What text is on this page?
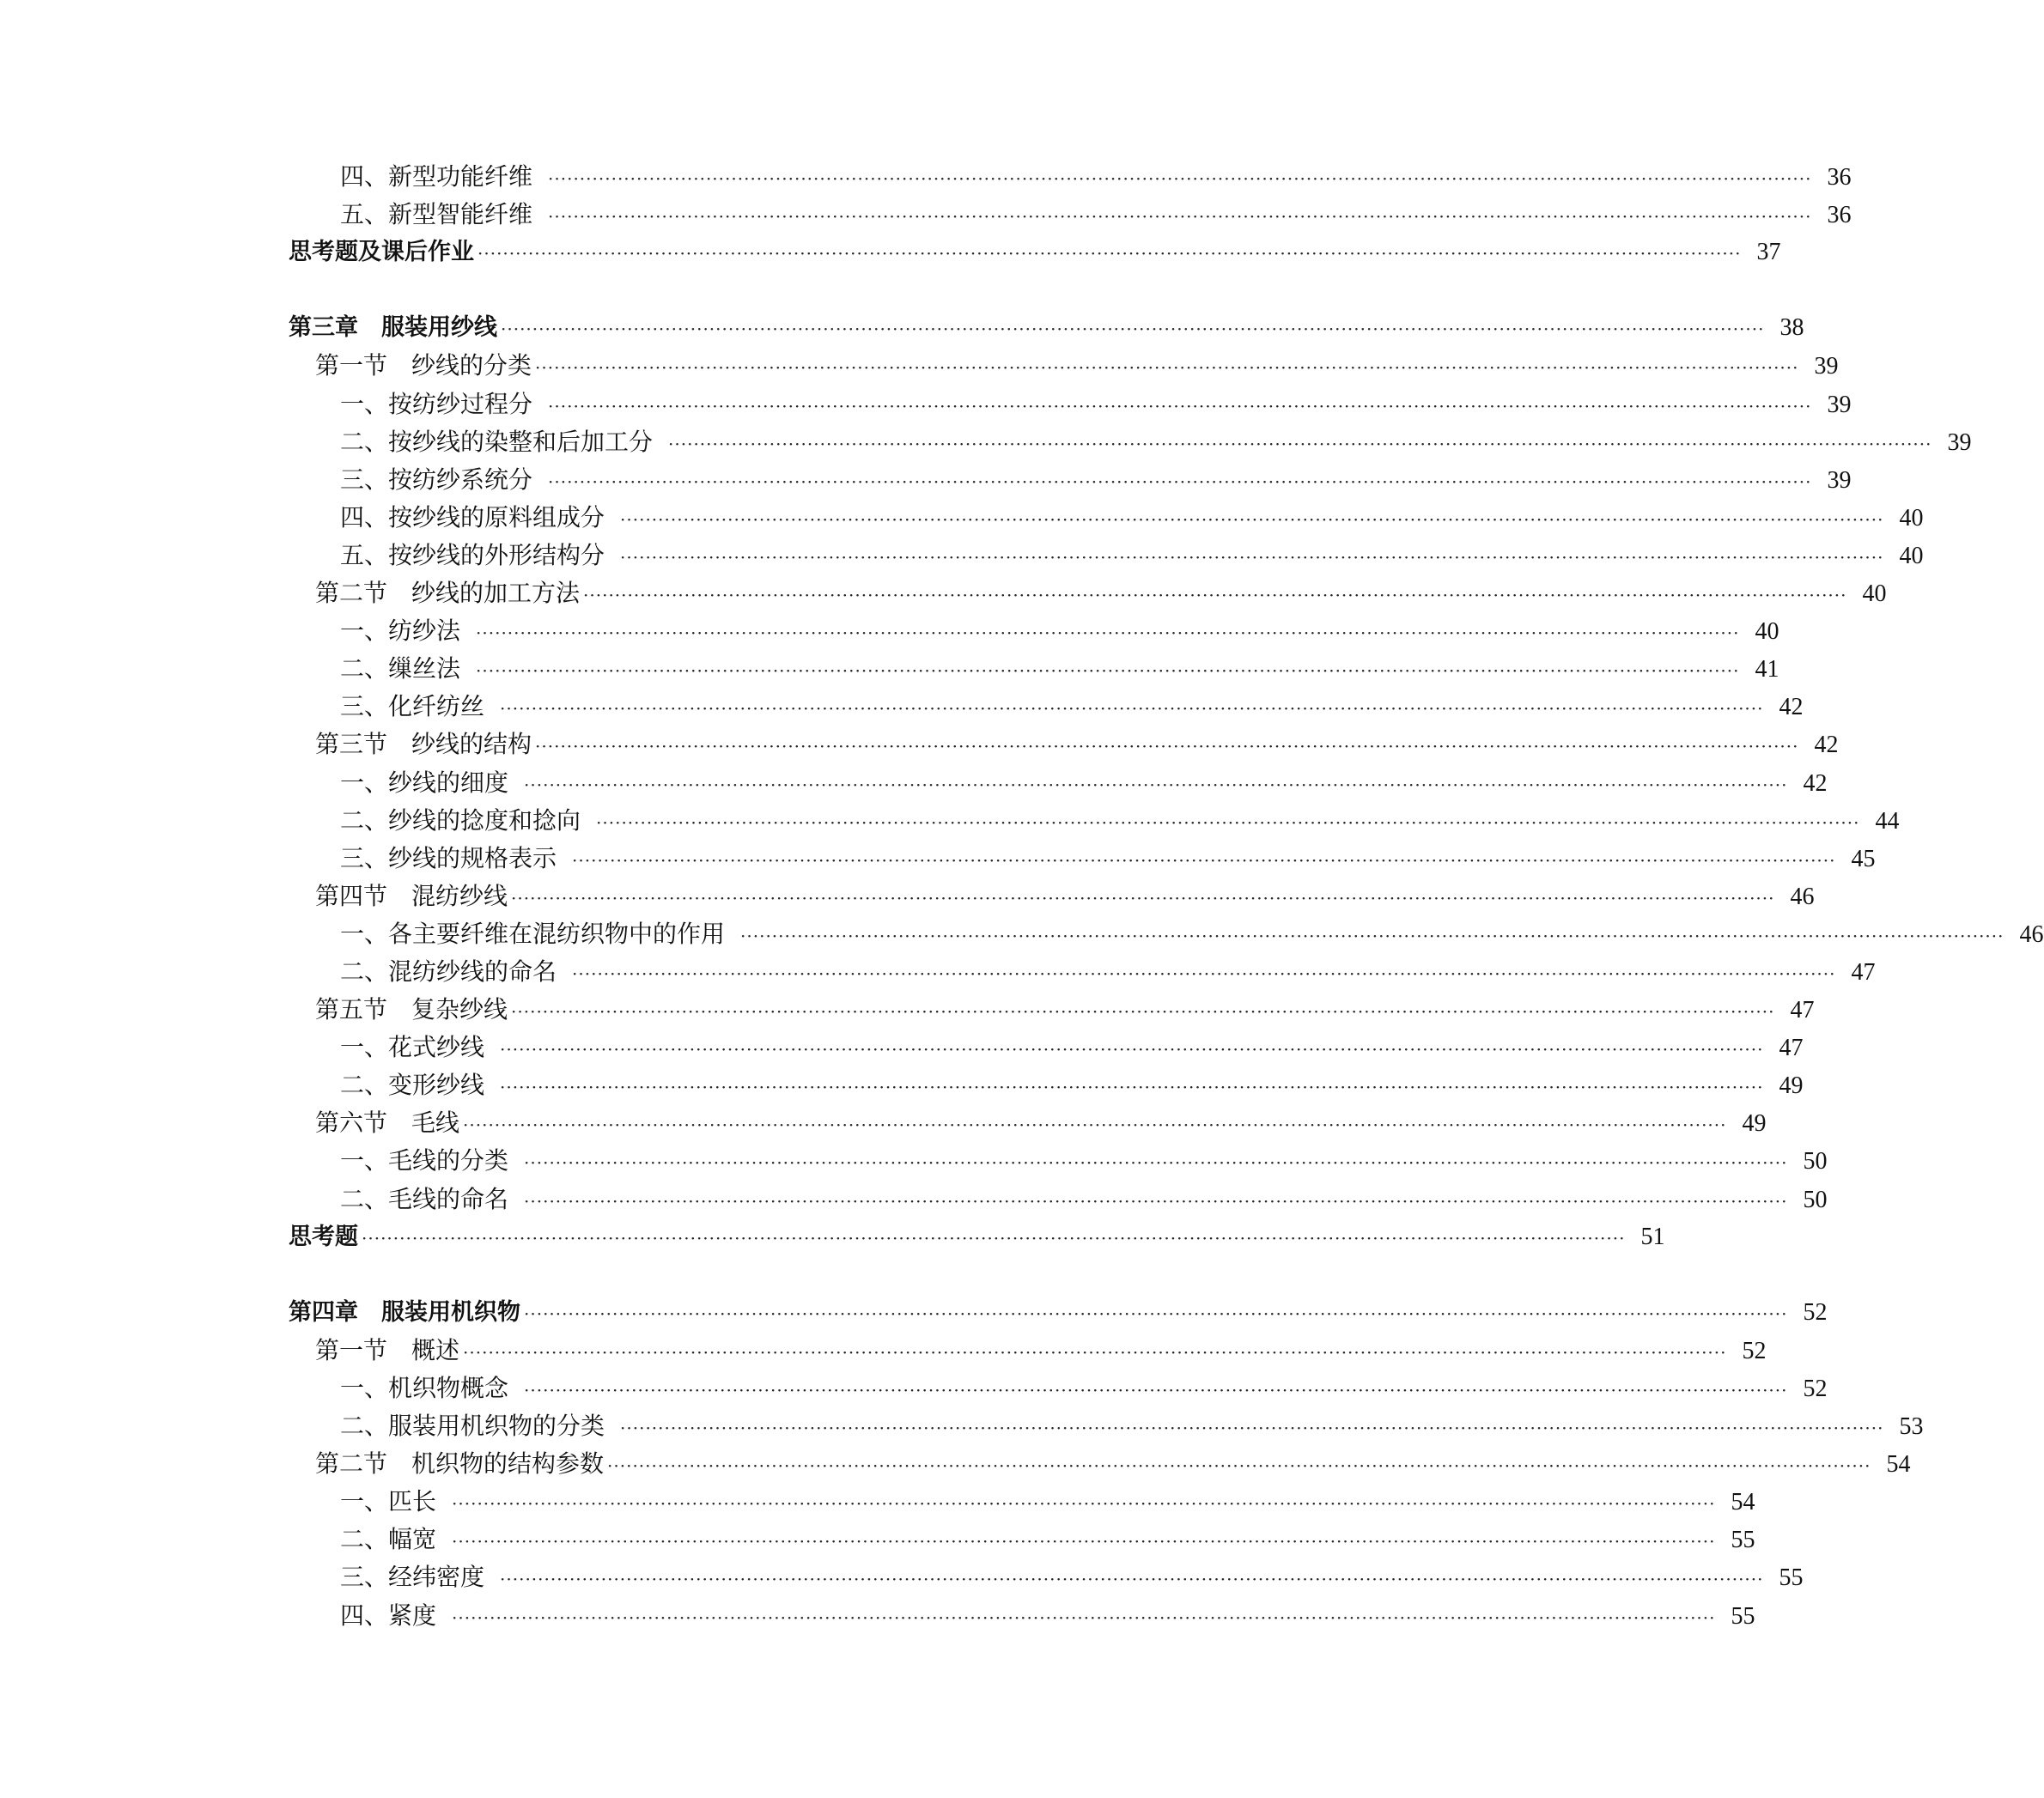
四、新型功能纤维 ········································································································································································································ 36
五、新型智能纤维 ········································································································································································································ 36
思考题及课后作业 ········································································································································································································ 37
第三章　服装用纱线 ········································································································································································································ 38
第一节　纱线的分类 ········································································································································································································ 39
一、按纺纱过程分 ········································································································································································································ 39
二、按纱线的染整和后加工分 ········································································································································································································ 39
三、按纺纱系统分 ········································································································································································································ 39
四、按纱线的原料组成分 ········································································································································································································ 40
五、按纱线的外形结构分 ········································································································································································································ 40
第二节　纱线的加工方法 ········································································································································································································ 40
一、纺纱法 ········································································································································································································ 40
二、缫丝法 ········································································································································································································ 41
三、化纤纺丝 ········································································································································································································ 42
第三节　纱线的结构 ········································································································································································································ 42
一、纱线的细度 ········································································································································································································ 42
二、纱线的捻度和捻向 ········································································································································································································ 44
三、纱线的规格表示 ········································································································································································································ 45
第四节　混纺纱线 ········································································································································································································ 46
一、各主要纤维在混纺织物中的作用 ········································································································································································································ 46
二、混纺纱线的命名 ········································································································································································································ 47
第五节　复杂纱线 ········································································································································································································ 47
一、花式纱线 ········································································································································································································ 47
二、变形纱线 ········································································································································································································ 49
第六节　毛线 ········································································································································································································ 49
一、毛线的分类 ········································································································································································································ 50
二、毛线的命名 ········································································································································································································ 50
思考题 ········································································································································································································ 51
第四章　服装用机织物 ········································································································································································································ 52
第一节　概述 ········································································································································································································ 52
一、机织物概念 ········································································································································································································ 52
二、服装用机织物的分类 ········································································································································································································ 53
第二节　机织物的结构参数 ········································································································································································································ 54
一、匹长 ········································································································································································································ 54
二、幅宽 ········································································································································································································ 55
三、经纬密度 ········································································································································································································ 55
四、紧度 ········································································································································································································ 55
